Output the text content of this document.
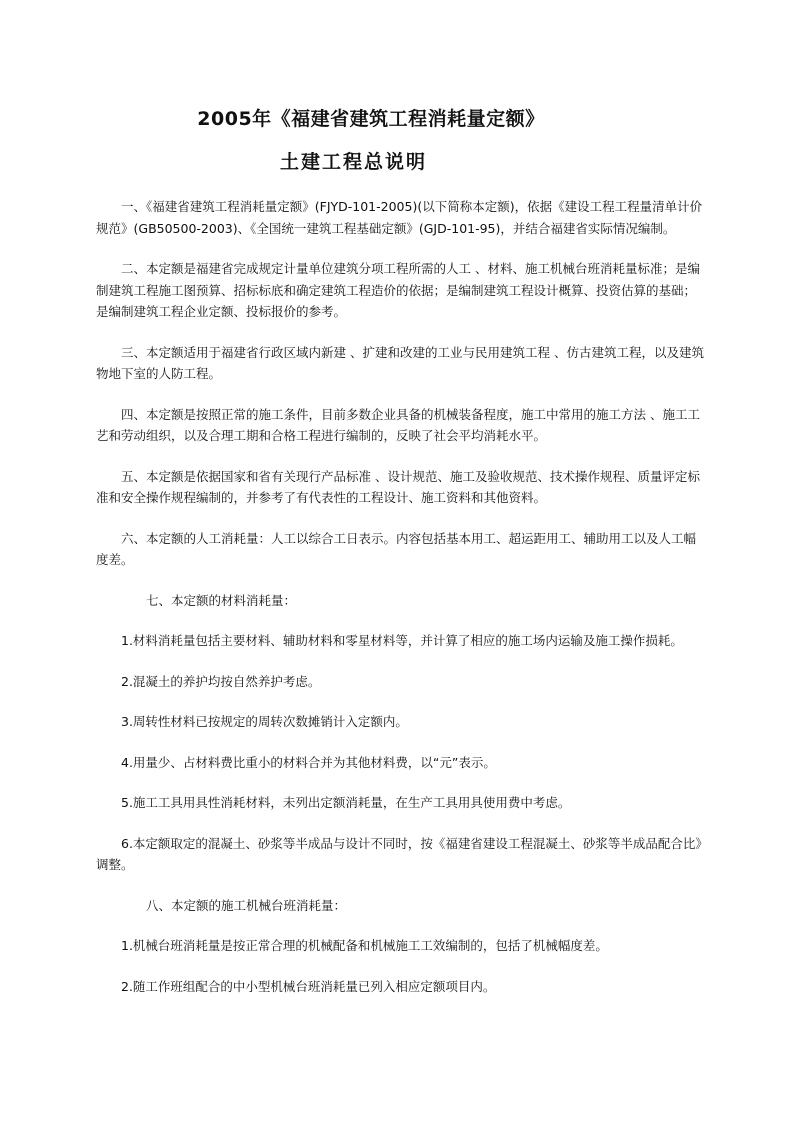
2005年《福建省建筑工程消耗量定额》
土建工程总说明

一、《福建省建筑工程消耗量定额》(FJYD-101-2005)(以下简称本定额)，依据《建设工程工程量清单计价规范》(GB50500-2003)、《全国统一建筑工程基础定额》(GJD-101-95)，并结合福建省实际情况编制。

二、本定额是福建省完成规定计量单位建筑分项工程所需的人工 、材料、施工机械台班消耗量标准；是编制建筑工程施工图预算、招标标底和确定建筑工程造价的依据；是编制建筑工程设计概算、投资估算的基础；是编制建筑工程企业定额、投标报价的参考。

三、本定额适用于福建省行政区域内新建 、扩建和改建的工业与民用建筑工程 、仿古建筑工程，以及建筑物地下室的人防工程。

四、本定额是按照正常的施工条件，目前多数企业具备的机械装备程度，施工中常用的施工方法 、施工工艺和劳动组织，以及合理工期和合格工程进行编制的，反映了社会平均消耗水平。

五、本定额是依据国家和省有关现行产品标准 、设计规范、施工及验收规范、技术操作规程、质量评定标准和安全操作规程编制的，并参考了有代表性的工程设计、施工资料和其他资料。

六、本定额的人工消耗量：人工以综合工日表示。内容包括基本用工、超运距用工、辅助用工以及人工幅度差。

七、本定额的材料消耗量：

1.材料消耗量包括主要材料、辅助材料和零星材料等，并计算了相应的施工场内运输及施工操作损耗。

2.混凝土的养护均按自然养护考虑。

3.周转性材料已按规定的周转次数摊销计入定额内。

4.用量少、占材料费比重小的材料合并为其他材料费，以“元”表示。

5.施工工具用具性消耗材料，未列出定额消耗量，在生产工具用具使用费中考虑。

6.本定额取定的混凝土、砂浆等半成品与设计不同时，按《福建省建设工程混凝土、砂浆等半成品配合比》调整。

八、本定额的施工机械台班消耗量：

1.机械台班消耗量是按正常合理的机械配备和机械施工工效编制的，包括了机械幅度差。

2.随工作班组配合的中小型机械台班消耗量已列入相应定额项目内。
